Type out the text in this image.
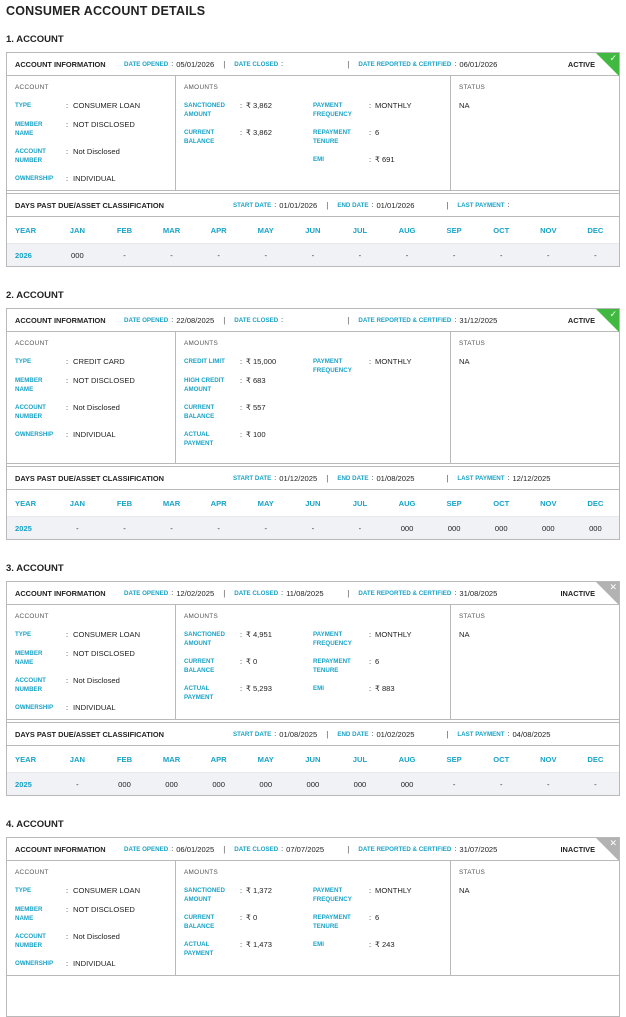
CONSUMER ACCOUNT DETAILS
1. ACCOUNT
ACCOUNT INFORMATION	DATE OPENED : 05/01/2026 | DATE CLOSED :	| DATE REPORTED & CERTIFIED : 06/01/2026	ACTIVE
✓
ACCOUNT
TYPE	: CONSUMER LOAN
MEMBER NAME
: NOT DISCLOSED
ACCOUNT NUMBER
: Not Disclosed
OWNERSHIP	: INDIVIDUAL
AMOUNTS
SANCTIONED AMOUNT
: ₹ 3,862
CURRENT BALANCE
: ₹ 3,862
PAYMENT FREQUENCY
: MONTHLY
REPAYMENT TENURE
: 6
EMI	: ₹ 691
STATUS
NA
DAYS PAST DUE/ASSET CLASSIFICATION	START DATE : 01/01/2026 | END DATE : 01/01/2026	| LAST PAYMENT :
YEAR	JAN	FEB	MAR	APR	MAY	JUN	JUL	AUG	SEP	OCT	NOV	DEC
2026	000	-	-	-	-	-	-	-	-	-	-	-
2. ACCOUNT
ACCOUNT INFORMATION	DATE OPENED : 22/08/2025 | DATE CLOSED :	| DATE REPORTED & CERTIFIED : 31/12/2025	ACTIVE
✓
ACCOUNT
TYPE	: CREDIT CARD
MEMBER NAME
: NOT DISCLOSED
ACCOUNT NUMBER
: Not Disclosed
OWNERSHIP	: INDIVIDUAL
AMOUNTS
CREDIT LIMIT	: ₹ 15,000
HIGH CREDIT AMOUNT
: ₹ 683
CURRENT BALANCE
: ₹ 557
ACTUAL PAYMENT
: ₹ 100
PAYMENT FREQUENCY
: MONTHLY
STATUS
NA
DAYS PAST DUE/ASSET CLASSIFICATION	START DATE : 01/12/2025 | END DATE : 01/08/2025	| LAST PAYMENT : 12/12/2025
YEAR	JAN	FEB	MAR	APR	MAY	JUN	JUL	AUG	SEP	OCT	NOV	DEC
2025	-	-	-	-	-	-	-	000	000	000	000	000
3. ACCOUNT
ACCOUNT INFORMATION	DATE OPENED : 12/02/2025 | DATE CLOSED : 11/08/2025	| DATE REPORTED & CERTIFIED : 31/08/2025	INACTIVE
✕
ACCOUNT
TYPE	: CONSUMER LOAN
MEMBER NAME
: NOT DISCLOSED
ACCOUNT NUMBER
: Not Disclosed
OWNERSHIP	: INDIVIDUAL
AMOUNTS
SANCTIONED AMOUNT
: ₹ 4,951
CURRENT BALANCE
: ₹ 0
ACTUAL PAYMENT
: ₹ 5,293
PAYMENT FREQUENCY
: MONTHLY
REPAYMENT TENURE
: 6
EMI	: ₹ 883
STATUS
NA
DAYS PAST DUE/ASSET CLASSIFICATION	START DATE : 01/08/2025 | END DATE : 01/02/2025	| LAST PAYMENT : 04/08/2025
YEAR	JAN	FEB	MAR	APR	MAY	JUN	JUL	AUG	SEP	OCT	NOV	DEC
2025	-	000	000	000	000	000	000	000	-	-	-	-
4. ACCOUNT
ACCOUNT INFORMATION	DATE OPENED : 06/01/2025 | DATE CLOSED : 07/07/2025	| DATE REPORTED & CERTIFIED : 31/07/2025	INACTIVE
✕
ACCOUNT
TYPE	: CONSUMER LOAN
MEMBER NAME
: NOT DISCLOSED
ACCOUNT NUMBER
: Not Disclosed
OWNERSHIP	: INDIVIDUAL
AMOUNTS
SANCTIONED AMOUNT
: ₹ 1,372
CURRENT BALANCE
: ₹ 0
ACTUAL PAYMENT
: ₹ 1,473
PAYMENT FREQUENCY
: MONTHLY
REPAYMENT TENURE
: 6
EMI	: ₹ 243
STATUS
NA
